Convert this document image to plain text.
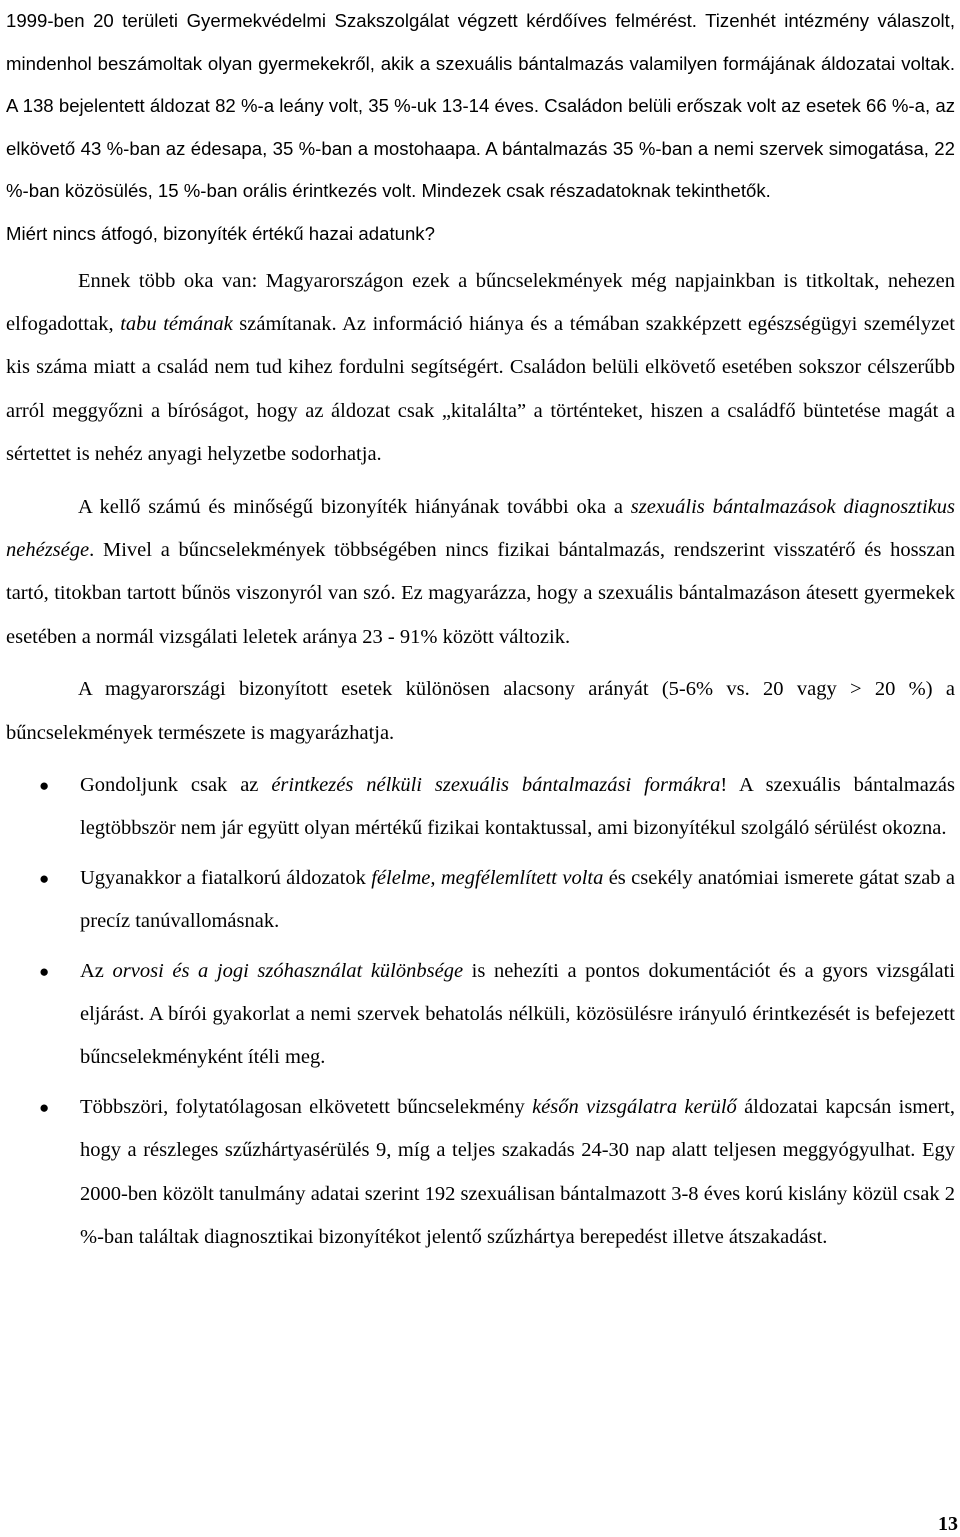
1999-ben 20 területi Gyermekvédelmi Szakszolgálat végzett kérdőíves felmérést. Tizenhét intézmény válaszolt, mindenhol beszámoltak olyan gyermekekről, akik a szexuális bántalmazás valamilyen formájának áldozatai voltak. A 138 bejelentett áldozat 82 %-a leány volt, 35 %-uk 13-14 éves. Családon belüli erőszak volt az esetek 66 %-a, az elkövető 43 %-ban az édesapa, 35 %-ban a mostohaapa. A bántalmazás 35 %-ban a nemi szervek simogatása, 22 %-ban közösülés, 15 %-ban orális érintkezés volt. Mindezek csak részadatoknak tekinthetők.
Miért nincs átfogó, bizonyíték értékű hazai adatunk?

Ennek több oka van: Magyarországon ezek a bűncselekmények még napjainkban is titkoltak, nehezen elfogadottak, tabu témának számítanak. Az információ hiánya és a témában szakképzett egészségügyi személyzet kis száma miatt a család nem tud kihez fordulni segítségért. Családon belüli elkövető esetében sokszor célszerűbb arról meggyőzni a bíróságot, hogy az áldozat csak „kitalálta” a történteket, hiszen a családfő büntetése magát a sértettet is nehéz anyagi helyzetbe sodorhatja.

A kellő számú és minőségű bizonyíték hiányának további oka a szexuális bántalmazások diagnosztikus nehézsége. Mivel a bűncselekmények többségében nincs fizikai bántalmazás, rendszerint visszatérő és hosszan tartó, titokban tartott bűnös viszonyról van szó. Ez magyarázza, hogy a szexuális bántalmazáson átesett gyermekek esetében a normál vizsgálati leletek aránya 23 - 91% között változik.

A magyarországi bizonyított esetek különösen alacsony arányát (5-6% vs. 20 vagy > 20 %) a bűncselekmények természete is magyarázhatja.

● Gondoljunk csak az érintkezés nélküli szexuális bántalmazási formákra! A szexuális bántalmazás legtöbbször nem jár együtt olyan mértékű fizikai kontaktussal, ami bizonyítékul szolgáló sérülést okozna.
● Ugyanakkor a fiatalkorú áldozatok félelme, megfélemlített volta és csekély anatómiai ismerete gátat szab a precíz tanúvallomásnak.
● Az orvosi és a jogi szóhasználat különbsége is nehezíti a pontos dokumentációt és a gyors vizsgálati eljárást. A bírói gyakorlat a nemi szervek behatolás nélküli, közösülésre irányuló érintkezését is befejezett bűncselekményként ítéli meg.
● Többszöri, folytatólagosan elkövetett bűncselekmény későn vizsgálatra kerülő áldozatai kapcsán ismert, hogy a részleges szűzhártyasérülés 9, míg a teljes szakadás 24-30 nap alatt teljesen meggyógyulhat. Egy 2000-ben közölt tanulmány adatai szerint 192 szexuálisan bántalmazott 3-8 éves korú kislány közül csak 2 %-ban találtak diagnosztikai bizonyítékot jelentő szűzhártya berepedést illetve átszakadást.
13
